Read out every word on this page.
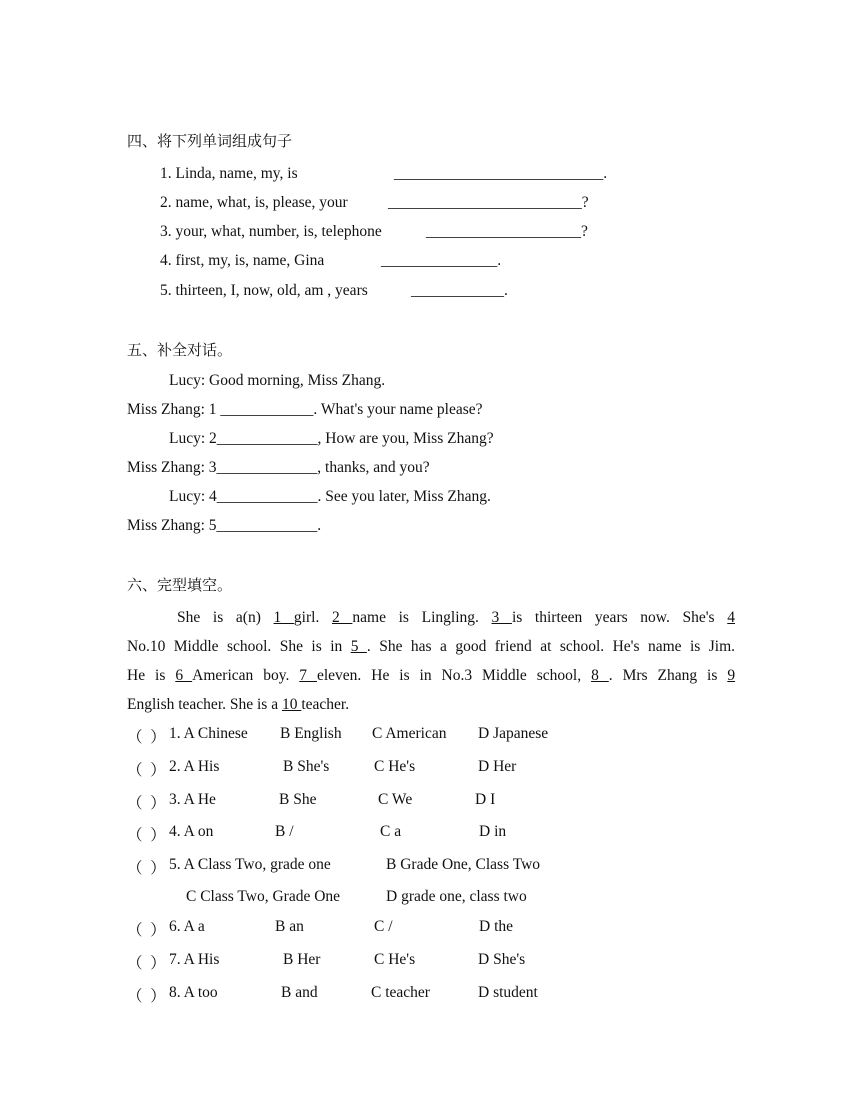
四、将下列单词组成句子
1. Linda, name, my, is	___________________________.
2. name, what, is, please, your	_________________________?
3. your, what, number, is, telephone	____________________?
4. first, my, is, name, Gina	_______________.
5. thirteen, I, now, old, am , years	____________.
五、补全对话。
Lucy: Good morning, Miss Zhang.
Miss Zhang: 1 ____________. What's your name please?
Lucy: 2_____________, How are you, Miss Zhang?
Miss Zhang: 3_____________, thanks, and you?
Lucy: 4_____________. See you later, Miss Zhang.
Miss Zhang: 5_____________.
六、完型填空。
She is a(n) 1 girl. 2 name is Lingling. 3 is thirteen years now. She's 4
No.10 Middle school. She is in 5 . She has a good friend at school. He's name is Jim.
He is 6 American boy. 7 eleven. He is in No.3 Middle school, 8 . Mrs Zhang is 9
English teacher. She is a 10 teacher.
（  ） 1. A Chinese B English C American D Japanese
（  ） 2. A His	B She's	C He's	D Her
（  ） 3. A He	B She	C We	D I
（  ） 4. A on	B /	C a	D in
（  ） 5. A Class Two, grade one	B Grade One, Class Two
C Class Two, Grade One	D grade one, class two
（  ） 6. A a	B an	C /	D the
（  ） 7. A His	B Her	C He's	D She's
（  ） 8. A too	B and	C teacher	D student
